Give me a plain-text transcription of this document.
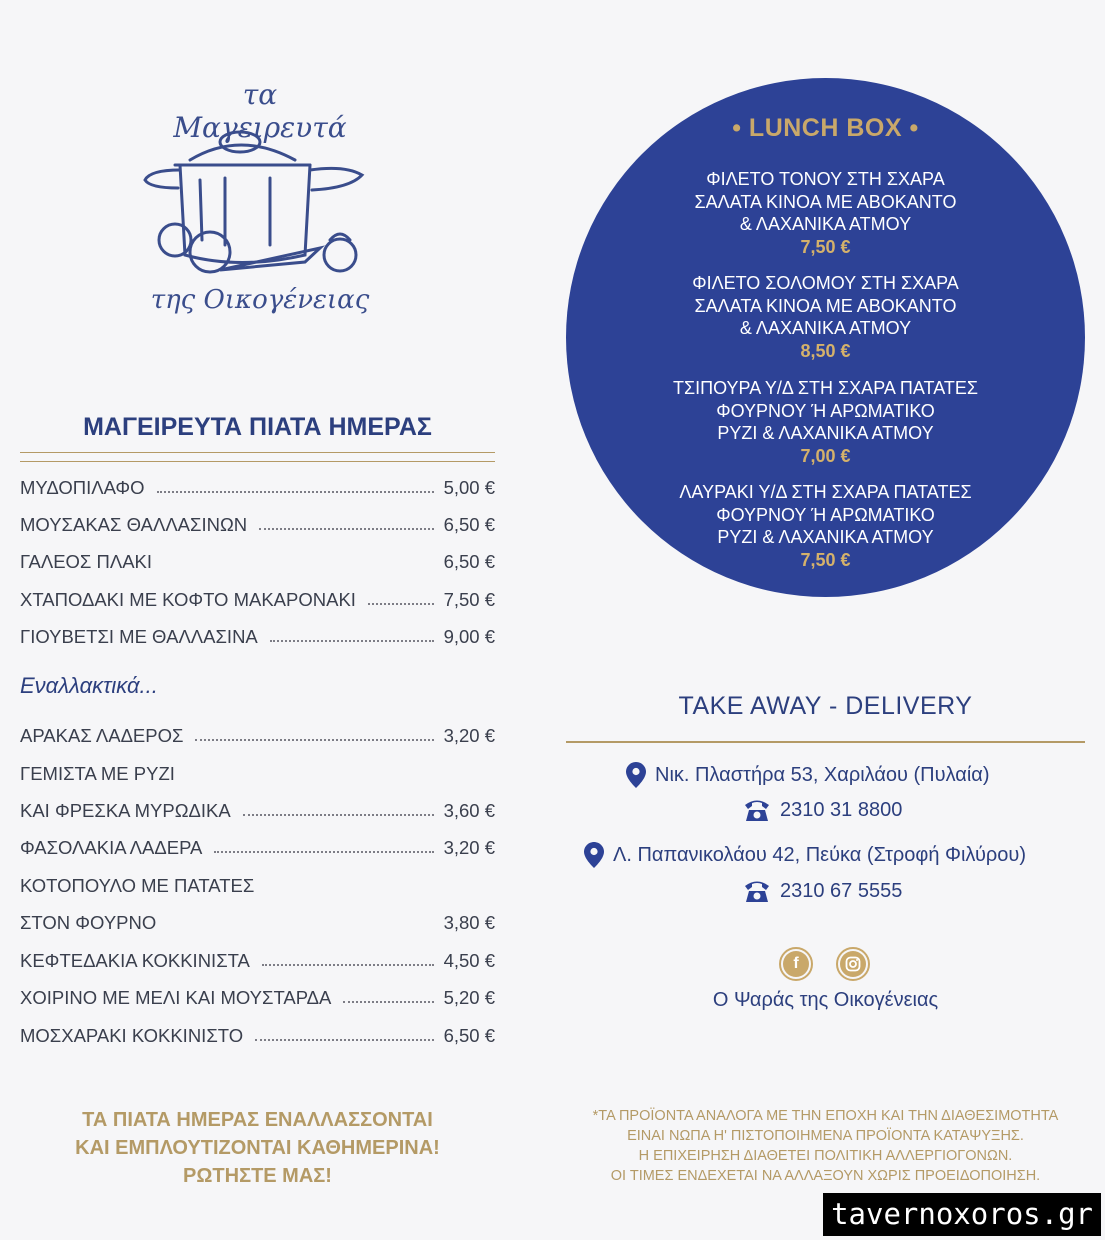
τα Μαγειρευτά
της Οικογένειας
ΜΑΓΕΙΡΕΥΤΑ ΠΙΑΤΑ ΗΜΕΡΑΣ
ΜΥΔΟΠΙΛΑΦΟ	5,00 €
ΜΟΥΣΑΚΑΣ ΘΑΛΛΑΣΙΝΩΝ	6,50 €
ΓΑΛΕΟΣ ΠΛΑΚΙ	6,50 €
ΧΤΑΠΟΔΑΚΙ ΜΕ ΚΟΦΤΟ ΜΑΚΑΡΟΝΑΚΙ	7,50 €
ΓΙΟΥΒΕΤΣΙ ΜΕ ΘΑΛΛΑΣΙΝΑ	9,00 €
Εναλλακτικά...
ΑΡΑΚΑΣ ΛΑΔΕΡΟΣ	3,20 €
ΓΕΜΙΣΤΑ ΜΕ ΡΥΖΙ
ΚΑΙ ΦΡΕΣΚΑ ΜΥΡΩΔΙΚΑ	3,60 €
ΦΑΣΟΛΑΚΙΑ ΛΑΔΕΡΑ	3,20 €
ΚΟΤΟΠΟΥΛΟ ΜΕ ΠΑΤΑΤΕΣ
ΣΤΟΝ ΦΟΥΡΝΟ	3,80 €
ΚΕΦΤΕΔΑΚΙΑ ΚΟΚΚΙΝΙΣΤΑ	4,50 €
ΧΟΙΡΙΝΟ ΜΕ ΜΕΛΙ ΚΑΙ ΜΟΥΣΤΑΡΔΑ	5,20 €
ΜΟΣΧΑΡΑΚΙ ΚΟΚΚΙΝΙΣΤΟ	6,50 €
ΤΑ ΠΙΑΤΑ ΗΜΕΡΑΣ ΕΝΑΛΛΑΣΣΟΝΤΑΙ
ΚΑΙ ΕΜΠΛΟΥΤΙΖΟΝΤΑΙ ΚΑΘΗΜΕΡΙΝΑ!
ΡΩΤΗΣΤΕ ΜΑΣ!
• LUNCH BOX •
ΦΙΛΕΤΟ ΤΟΝΟΥ ΣΤΗ ΣΧΑΡΑ
ΣΑΛΑΤΑ ΚΙΝΟΑ ΜΕ ΑΒΟΚΑΝΤΟ
& ΛΑΧΑΝΙΚΑ ΑΤΜΟΥ
7,50 €
ΦΙΛΕΤΟ ΣΟΛΟΜΟΥ ΣΤΗ ΣΧΑΡΑ
ΣΑΛΑΤΑ ΚΙΝΟΑ ΜΕ ΑΒΟΚΑΝΤΟ
& ΛΑΧΑΝΙΚΑ ΑΤΜΟΥ
8,50 €
ΤΣΙΠΟΥΡΑ Υ/Δ ΣΤΗ ΣΧΑΡΑ ΠΑΤΑΤΕΣ
ΦΟΥΡΝΟΥ Ή ΑΡΩΜΑΤΙΚΟ
ΡΥΖΙ & ΛΑΧΑΝΙΚΑ ΑΤΜΟΥ
7,00 €
ΛΑΥΡΑΚΙ Υ/Δ ΣΤΗ ΣΧΑΡΑ ΠΑΤΑΤΕΣ
ΦΟΥΡΝΟΥ Ή ΑΡΩΜΑΤΙΚΟ
ΡΥΖΙ & ΛΑΧΑΝΙΚΑ ΑΤΜΟΥ
7,50 €
TAKE AWAY - DELIVERY
Νικ. Πλαστήρα 53, Χαριλάου (Πυλαία)
2310 31 8800
Λ. Παπανικολάου 42, Πεύκα (Στροφή Φιλύρου)
2310 67 5555
f
Ο Ψαράς της Οικογένειας
*ΤΑ ΠΡΟΪΟΝΤΑ ΑΝΑΛΟΓΑ ΜΕ ΤΗΝ ΕΠΟΧΗ ΚΑΙ ΤΗΝ ΔΙΑΘΕΣΙΜΟΤΗΤΑ
ΕΙΝΑΙ ΝΩΠΑ Η' ΠΙΣΤΟΠΟΙΗΜΕΝΑ ΠΡΟΪΟΝΤΑ ΚΑΤΑΨΥΞΗΣ.
Η ΕΠΙΧΕΙΡΗΣΗ ΔΙΑΘΕΤΕΙ ΠΟΛΙΤΙΚΗ ΑΛΛΕΡΓΙΟΓΟΝΩΝ.
ΟΙ ΤΙΜΕΣ ΕΝΔΕΧΕΤΑΙ ΝΑ ΑΛΛΑΞΟΥΝ ΧΩΡΙΣ ΠΡΟΕΙΔΟΠΟΙΗΣΗ.
tavernoxoros.gr
